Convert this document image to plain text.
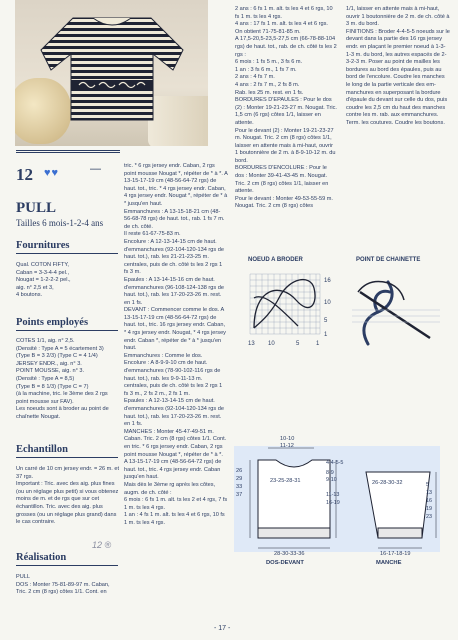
12 ♥♥	—
PULL
Tailles 6 mois-1-2-4 ans
Fournitures
Qual. COTON FIFTY,
Caban = 3-3-4-4 pel.,
Nougat = 1-2-2-2 pel.,
aig. n° 2,5 et 3,
4 boutons.
Points employés
COTES 1/1, aig. n° 2,5.
(Densité : Type A = 5 écartement 3)
(Type B = 3 2/3) (Type C = 4 1/4)
JERSEY ENDR., aig. n° 3.
POINT MOUSSE, aig. n° 3.
(Densité : Type A = 8,5)
(Type B = 8 1/3) (Type C = 7)
(à la machine, tric. le 3ème des 2 rgs
point mousse sur FAV).
Les noeuds sont à broder au point de
chaînette Nougat.
Echantillon
Un carré de 10 cm jersey endr. = 26 m. et 37 rgs.
Important : Tric. avec des aig. plus fines (ou un réglage plus petit) si vous obtenez moins de m. et de rgs que sur cet échantillon. Tric. avec des aig. plus grosses (ou un réglage plus grand) dans le cas contraire.
Réalisation
PULL
DOS : Monter 75-81-89-97 m. Caban, Tric. 2 cm (8 rgs) côtes 1/1. Cont. en
12 ®
tric. * 6 rgs jersey endr. Caban, 2 rgs point mousse Nougat *, répéter de * à *. A 13-15-17-19 cm (48-56-64-72 rgs) de haut. tot., tric. * 4 rgs jersey endr. Caban, 4 rgs jersey endr. Nougat *, répéter de * à * jusqu'en haut.
Emmanchures : A 13-15-18-21 cm (48-56-68-78 rgs) de haut. tot., rab. 1 fs 7 m. de ch. côté.
Il reste 61-67-75-83 m.
Encolure : A 12-13-14-15 cm de haut. d'emmanchures (92-104-120-134 rgs de haut. tot.), rab. les 21-21-23-25 m. centrales, puis de ch. côté ts les 2 rgs 1 fs 3 m.
Epaules : A 13-14-15-16 cm de haut. d'emmanchures (96-108-124-138 rgs de haut. tot.), rab. les 17-20-23-26 m. rest. en 1 fs.
DEVANT : Commencer comme le dos. A 13-15-17-19 cm (48-56-64-72 rgs) de haut. tot., tric. 16 rgs jersey endr. Caban, * 4 rgs jersey endr. Nougat, * 4 rgs jersey endr. Caban *, répéter de * à * jusqu'en haut.
Emmanchures : Comme le dos.
Encolure : A 8-9-9-10 cm de haut. d'emmanchures (78-90-102-116 rgs de haut. tot.), rab. les 9-9-11-13 m. centrales, puis de ch. côté ts les 2 rgs 1 fs 3 m., 2 fs 2 m., 2 fs 1 m.
Epaules : A 12-13-14-15 cm de haut. d'emmanchures (92-104-120-134 rgs de haut. tot.), rab. les 17-20-23-26 m. rest. en 1 fs.
MANCHES : Monter 45-47-49-51 m. Caban. Tric. 2 cm (8 rgs) côtes 1/1. Cont. en tric. * 6 rgs jersey endr. Caban, 2 rgs point mousse Nougat *, répéter de * à *.
A 13-15-17-19 cm (48-56-64-72 rgs) de haut. tot., tric. 4 rgs jersey endr. Caban jusqu'en haut.
Mais dès le 3ème rg après les côtes, augm. de ch. côté :
6 mois : 6 fs 1 m. alt. ts les 2 et 4 rgs, 7 fs 1 m. ts les 4 rgs.
1 an : 4 fs 1 m. alt. ts les 4 et 6 rgs, 10 fs 1 m. ts les 4 rgs.
2 ans : 6 fs 1 m. alt. ts les 4 et 6 rgs, 10 fs 1 m. ts les 4 rgs.
4 ans : 17 fs 1 m. alt. ts les 4 et 6 rgs.
On obtient 71-75-81-85 m.
A 17,5-20,5-23,5-27,5 cm (66-78-88-104 rgs) de haut. tot., rab. de ch. côté ts les 2 rgs :
6 mois : 1 fs 5 m., 3 fs 6 m.
1 an : 3 fs 6 m., 1 fs 7 m.
2 ans : 4 fs 7 m.
4 ans : 2 fs 7 m., 2 fs 8 m.
Rab. les 25 m. rest. en 1 fs.
BORDURES D'EPAULES : Pour le dos (2) : Monter 19-21-23-27 m. Nougat. Tric. 1,5 cm (6 rgs) côtes 1/1, laisser en attente.
Pour le devant (2) : Monter 19-21-23-27 m. Nougat. Tric. 2 cm (8 rgs) côtes 1/1, laisser en attente mais à mi-haut, ouvrir 1 boutonnière de 2 m. à 8-9-10-12 m. du bord.
BORDURES D'ENCOLURE : Pour le dos : Monter 39-41-43-45 m. Nougat. Tric. 2 cm (8 rgs) côtes 1/1, laisser en attente.
Pour le devant : Monter 49-53-55-59 m. Nougat. Tric. 2 cm (8 rgs) côtes
1/1, laisser en attente mais à mi-haut, ouvrir 1 boutonnière de 2 m. de ch. côté à 3 m. du bord.
FINITIONS : Broder 4-4-5-5 noeuds sur le devant dans la partie des 16 rgs jersey endr. en plaçant le premier noeud à 1-3-1-3 m. du bord, les autres espacés de 2-3-2-3 m. Poser au point de mailles les bordures au bord des épaules, puis au bord de l'encolure. Coudre les manches le long de la partie verticale des em-manchures en superposant la bordure d'épaule du devant sur celle du dos, puis coudre les 2,5 cm du haut des manches contre les m. rab. aux emmanchures. Term. les coutures. Coudre les boutons.
NOEUD A BRODER
16
10
5
1
13 10	5	1
POINT DE CHAINETTE
10-10
11-12
4-4-5-5
8-9
9-10
11-13
16-19
26
29
33
37
23-25-28-31
28-30-33-36
26-28-30-32
16-17-18-19
5
13
16
19
23
DOS-DEVANT	MANCHE
- 17 -
